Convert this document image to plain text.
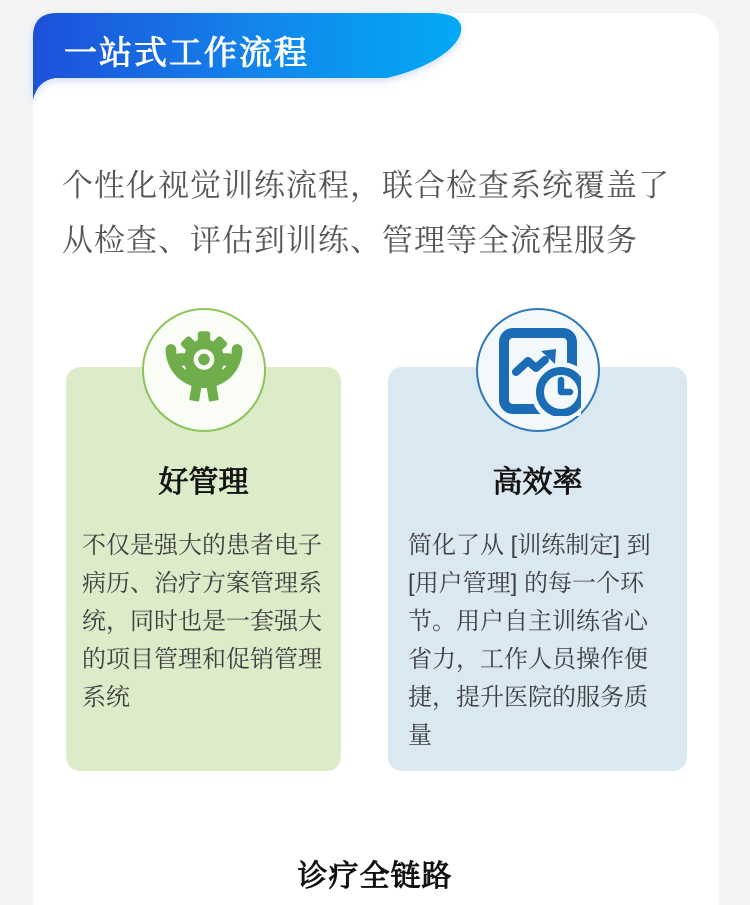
一站式工作流程
个性化视觉训练流程，联合检查系统覆盖了从检查、评估到训练、管理等全流程服务
好管理
不仅是强大的患者电子病历、治疗方案管理系统，同时也是一套强大的项目管理和促销管理系统
高效率
简化了从 [训练制定] 到 [用户管理] 的每一个环节。用户自主训练省心省力，工作人员操作便捷，提升医院的服务质量
诊疗全链路
